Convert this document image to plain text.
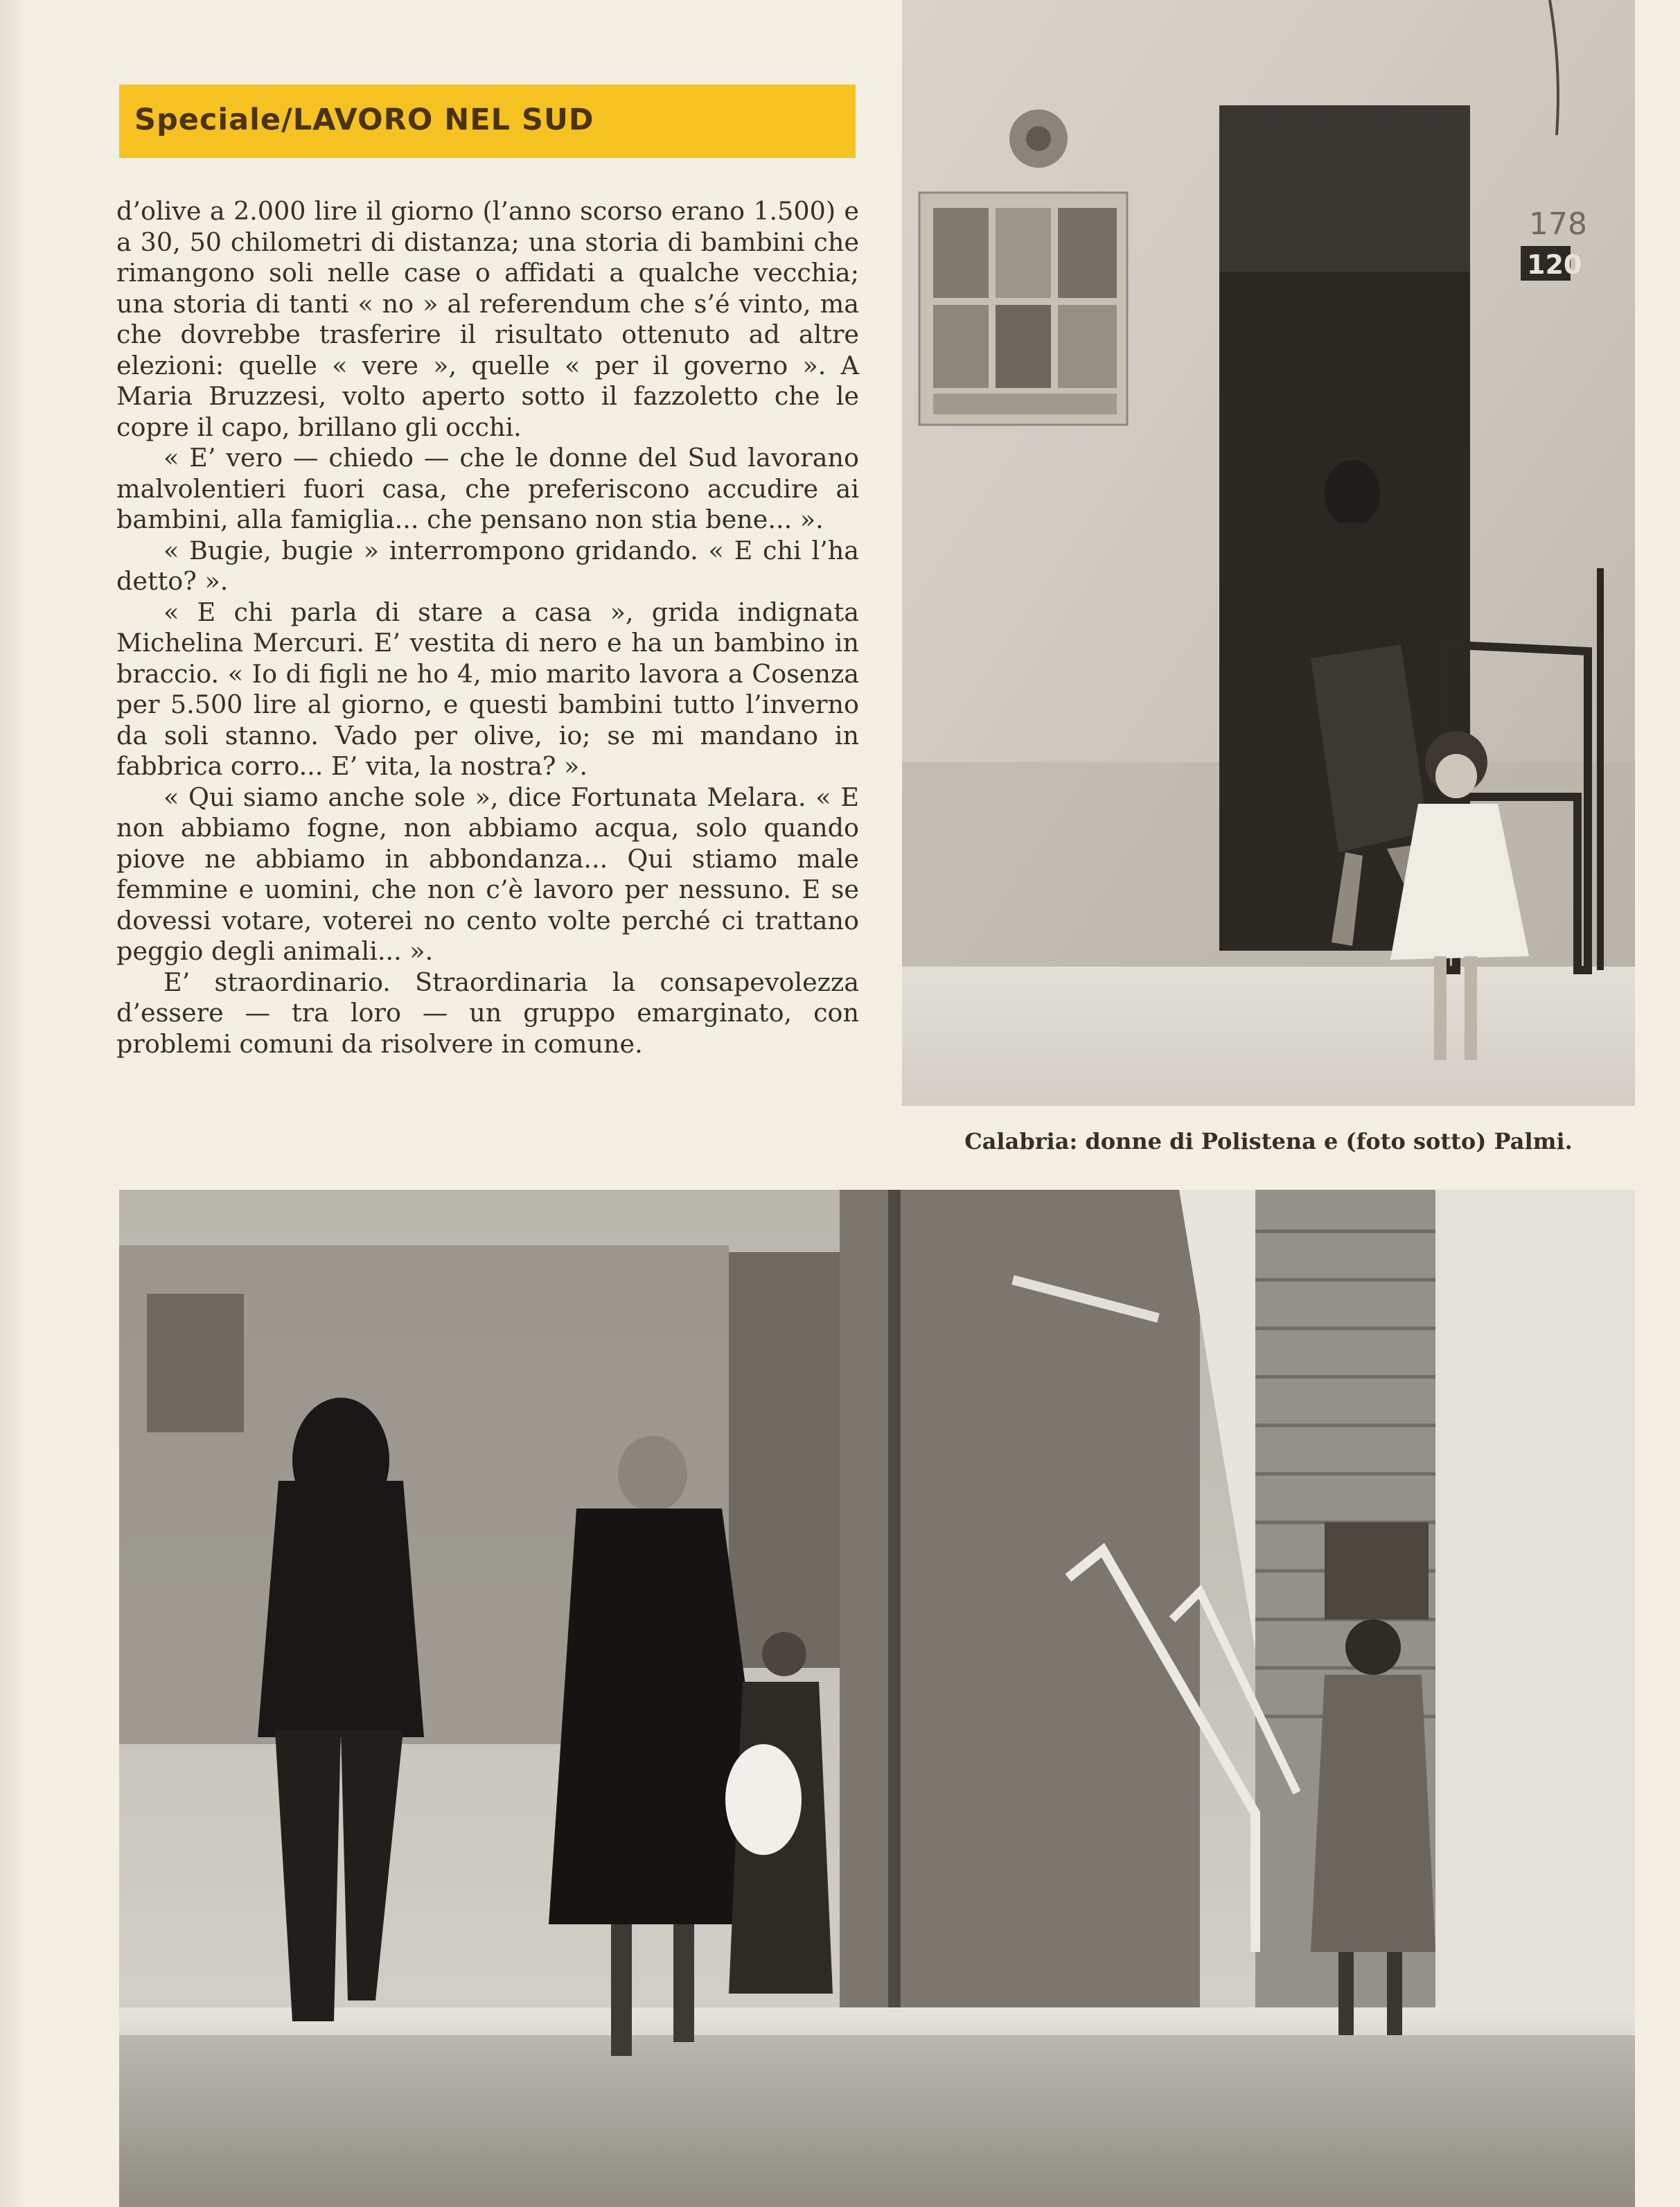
Speciale/LAVORO NEL SUD

d’olive a 2.000 lire il giorno (l’anno scorso erano 1.500) e a 30, 50 chilometri di distanza; una storia di bambini che rimangono soli nelle case o affidati a qualche vecchia; una storia di tanti « no » al referendum che s’é vinto, ma che dovrebbe trasferire il risultato ottenuto ad altre elezioni: quelle « vere », quelle « per il governo ». A Maria Bruzzesi, volto aperto sotto il fazzoletto che le copre il capo, brillano gli occhi.

« E’ vero — chiedo — che le donne del Sud lavorano malvolentieri fuori casa, che preferiscono accudire ai bambini, alla famiglia... che pensano non stia bene... ».

« Bugie, bugie » interrompono gridando. « E chi l’ha detto? ».

« E chi parla di stare a casa », grida indignata Michelina Mercuri. E’ vestita di nero e ha un bambino in braccio. « Io di figli ne ho 4, mio marito lavora a Cosenza per 5.500 lire al giorno, e questi bambini tutto l’inverno da soli stanno. Vado per olive, io; se mi mandano in fabbrica corro... E’ vita, la nostra? ».

« Qui siamo anche sole », dice Fortunata Melara. « E non abbiamo fogne, non abbiamo acqua, solo quando piove ne abbiamo in abbondanza... Qui stiamo male femmine e uomini, che non c’è lavoro per nessuno. E se dovessi votare, voterei no cento volte perché ci trattano peggio degli animali... ».

E’ straordinario. Straordinaria la consapevolezza d’essere — tra loro — un gruppo emarginato, con problemi comuni da risolvere in comune.

178
120
Calabria: donne di Polistena e (foto sotto) Palmi.
